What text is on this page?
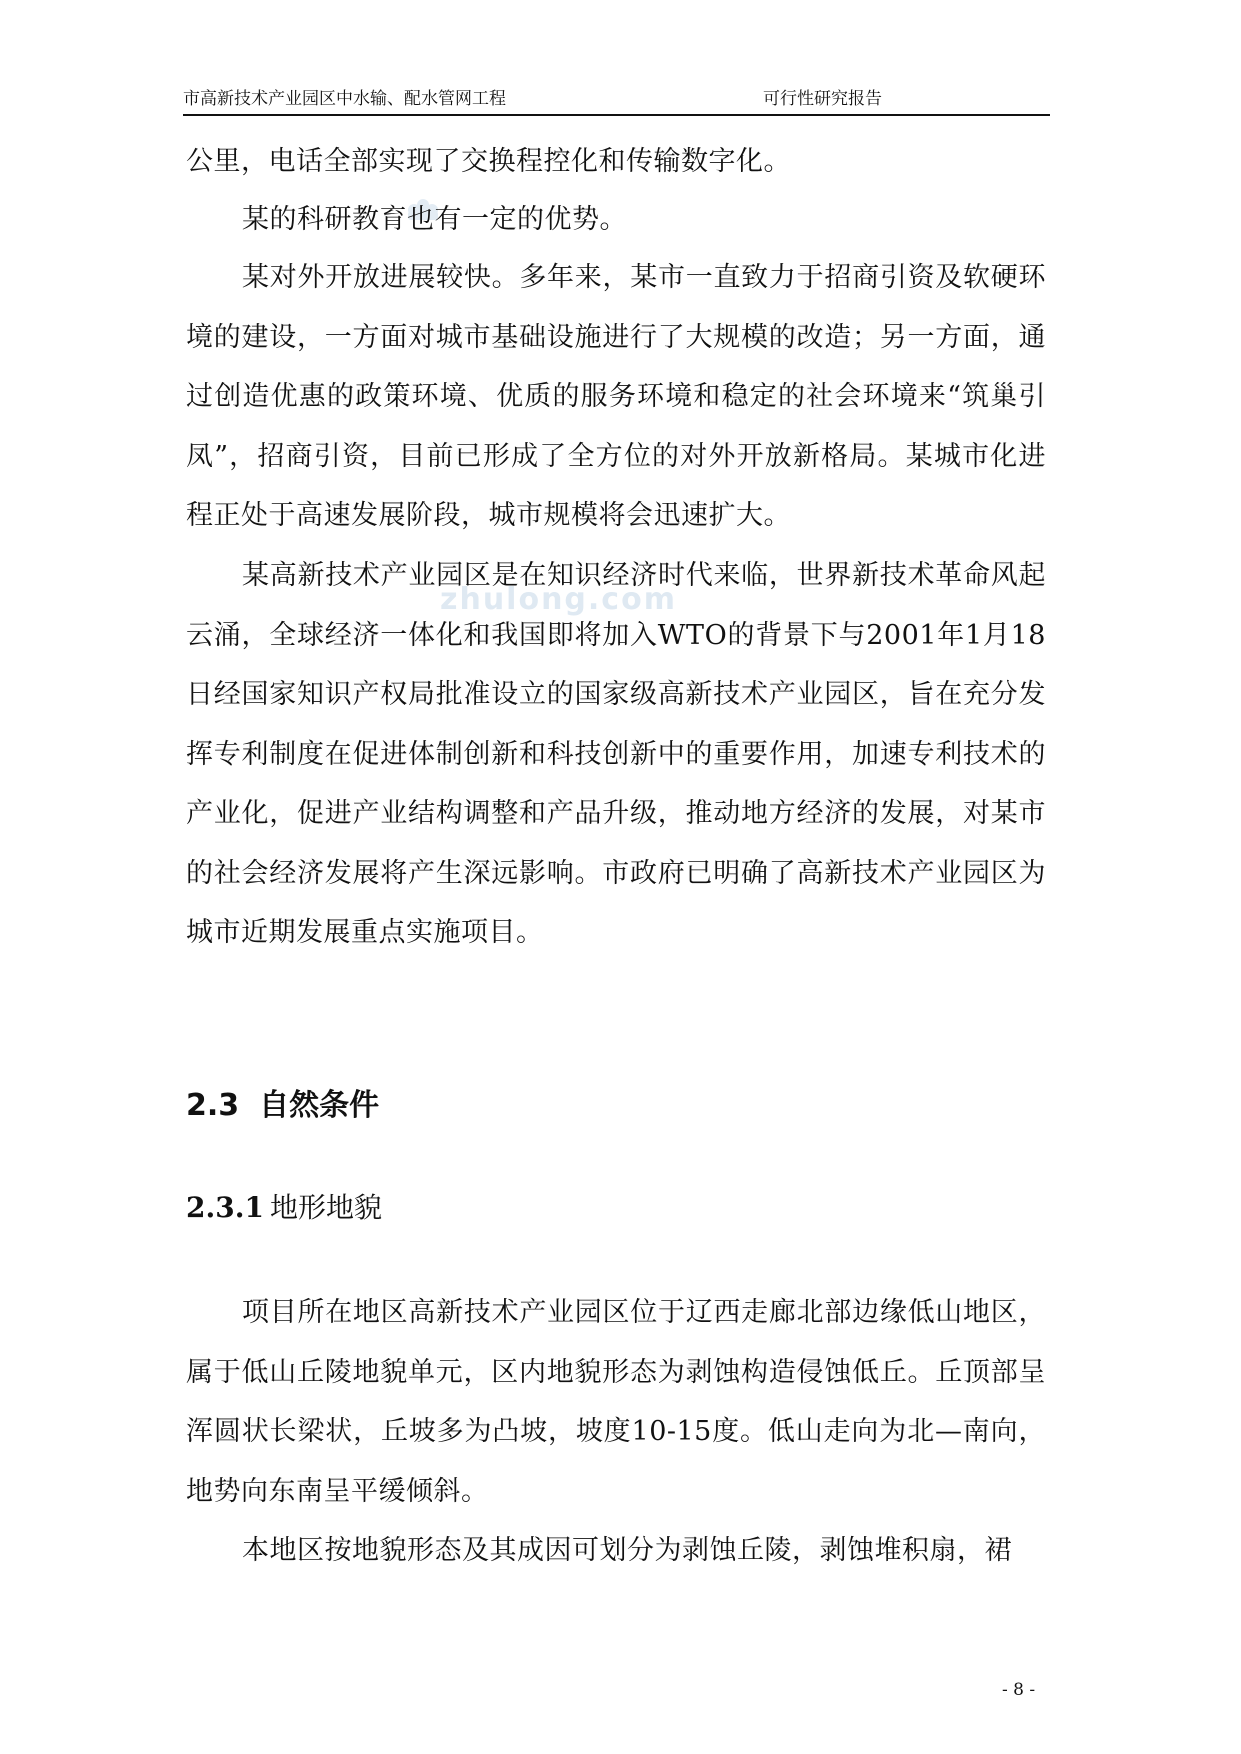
市高新技术产业园区中水输、配水管网工程	可行性研究报告
zhulong.com

公里，电话全部实现了交换程控化和传输数字化。

某的科研教育也有一定的优势。

某对外开放进展较快。多年来，某市一直致力于招商引资及软硬环境的建设，一方面对城市基础设施进行了大规模的改造；另一方面，通过创造优惠的政策环境、优质的服务环境和稳定的社会环境来“筑巢引凤”，招商引资，目前已形成了全方位的对外开放新格局。某城市化进程正处于高速发展阶段，城市规模将会迅速扩大。

某高新技术产业园区是在知识经济时代来临，世界新技术革命风起云涌，全球经济一体化和我国即将加入WTO的背景下与2001年1月18日经国家知识产权局批准设立的国家级高新技术产业园区，旨在充分发挥专利制度在促进体制创新和科技创新中的重要作用，加速专利技术的产业化，促进产业结构调整和产品升级，推动地方经济的发展，对某市的社会经济发展将产生深远影响。市政府已明确了高新技术产业园区为城市近期发展重点实施项目。

2.3 自然条件
2.3.1 地形地貌

项目所在地区高新技术产业园区位于辽西走廊北部边缘低山地区，属于低山丘陵地貌单元，区内地貌形态为剥蚀构造侵蚀低丘。丘顶部呈浑圆状长梁状，丘坡多为凸坡，坡度10-15度。低山走向为北—南向，地势向东南呈平缓倾斜。

本地区按地貌形态及其成因可划分为剥蚀丘陵，剥蚀堆积扇，裙

- 8 -
